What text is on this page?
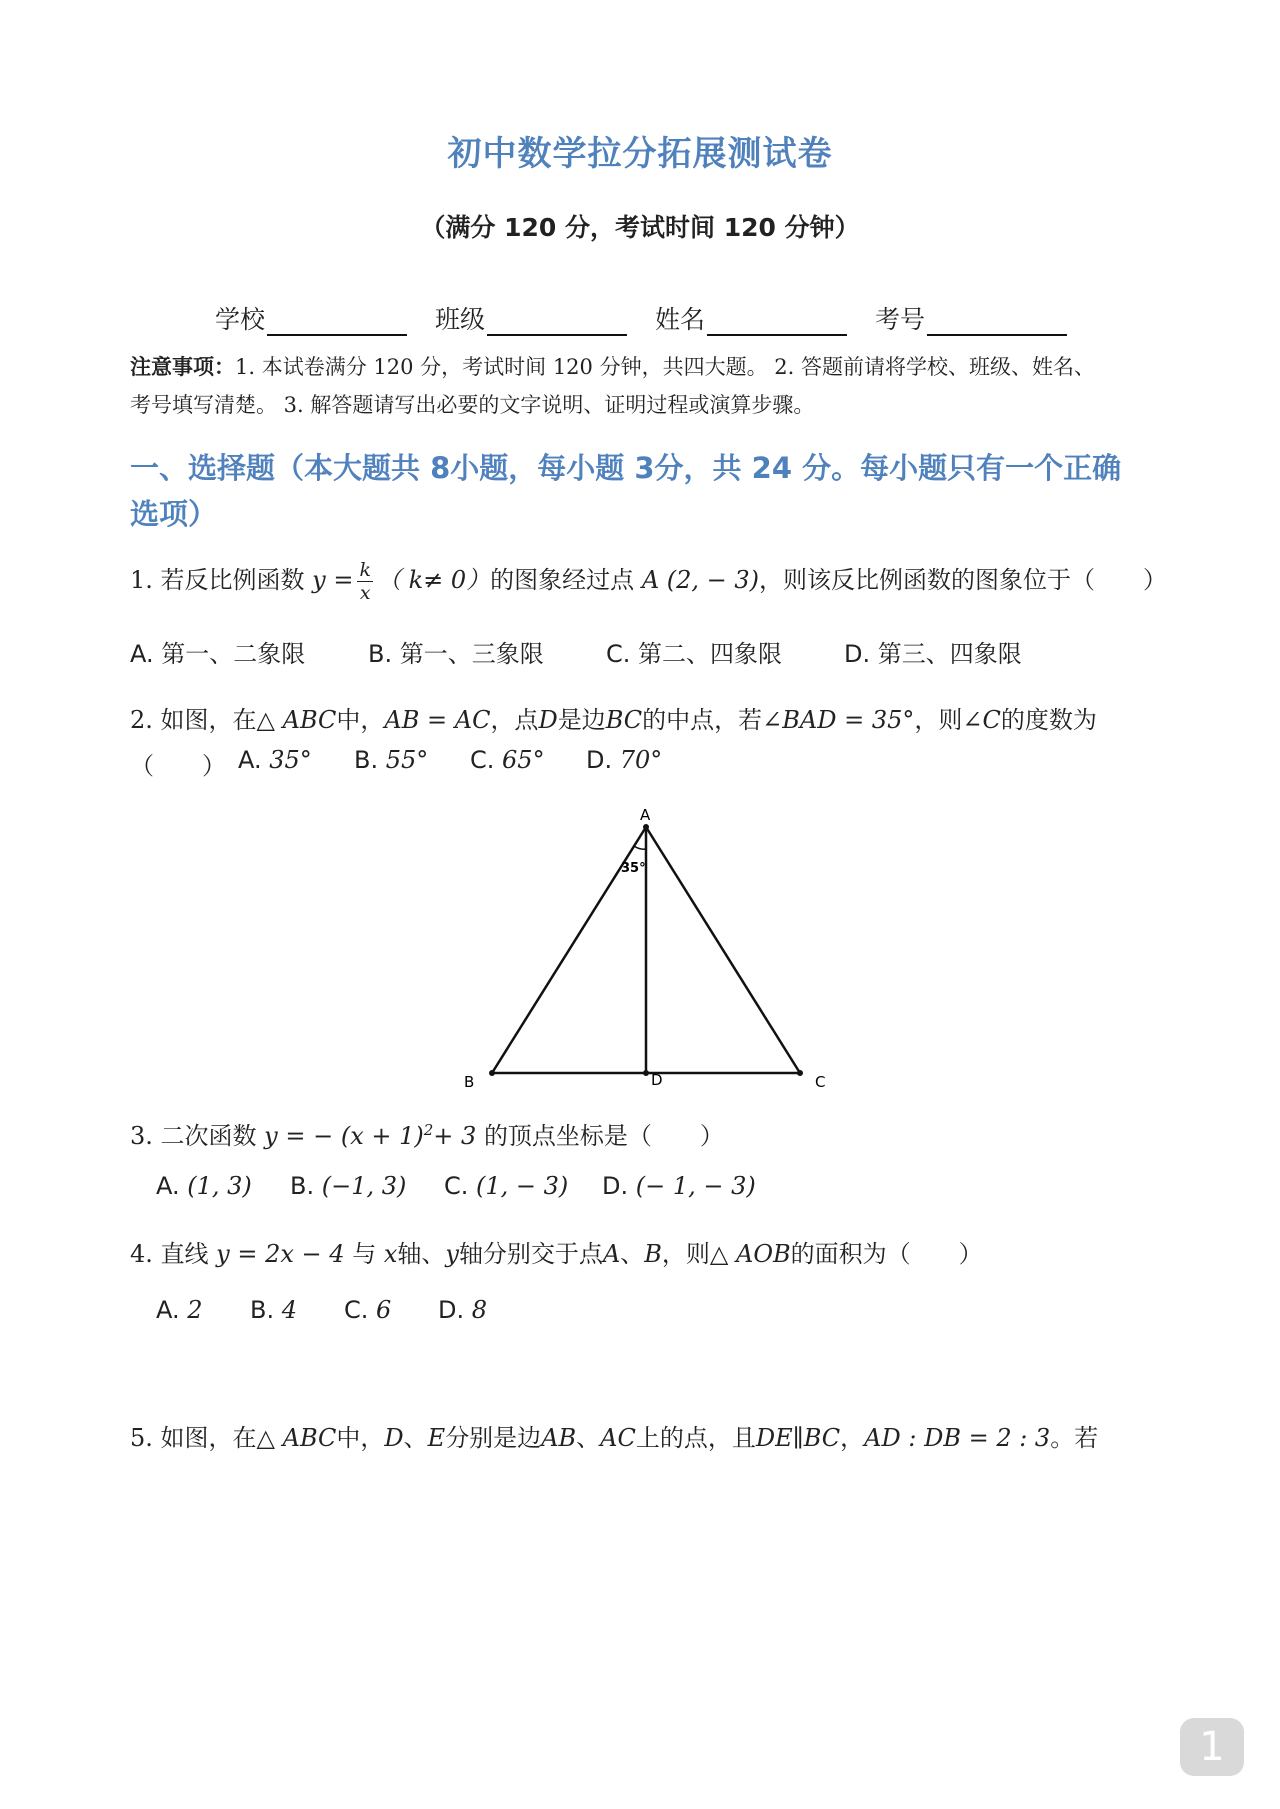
初中数学拉分拓展测试卷
（满分 120 分，考试时间 120 分钟）
学校	班级	姓名	考号
注意事项：1. 本试卷满分 120 分，考试时间 120 分钟，共四大题。 2. 答题前请将学校、班级、姓名、
考号填写清楚。 3. 解答题请写出必要的文字说明、证明过程或演算步骤。
一、选择题（本大题共 8小题，每小题 3分，共 24 分。每小题只有一个正确
选项）
1. 若反比例函数 $y = \frac{k}{x}$ （ k≠ 0）的图象经过点 A (2, − 3)，则该反比例函数的图象位于（　　）
A. 第一、二象限	B. 第一、三象限	C. 第二、四象限	D. 第三、四象限
2. 如图，在△ ABC中，AB = AC，点D是边BC的中点，若∠BAD = 35°，则∠C的度数为
（　　） A. 35°	B. 55°	C. 65°	D. 70°
A
B	C
D
35°
3. 二次函数 y = − $(x + 1)^2+ 3$ 的顶点坐标是（　　）
A. (1, 3)	B. (−1, 3)	C. (1, − 3)	D. (− 1, − 3)
4. 直线 y = 2x − 4 与 x轴、y轴分别交于点A、B，则△ AOB的面积为（　　）
A. 2	B. 4	C. 6	D. 8
5. 如图，在△ ABC中，D、E分别是边AB、AC上的点，且DE∥BC，AD : DB = 2 : 3。若
1
